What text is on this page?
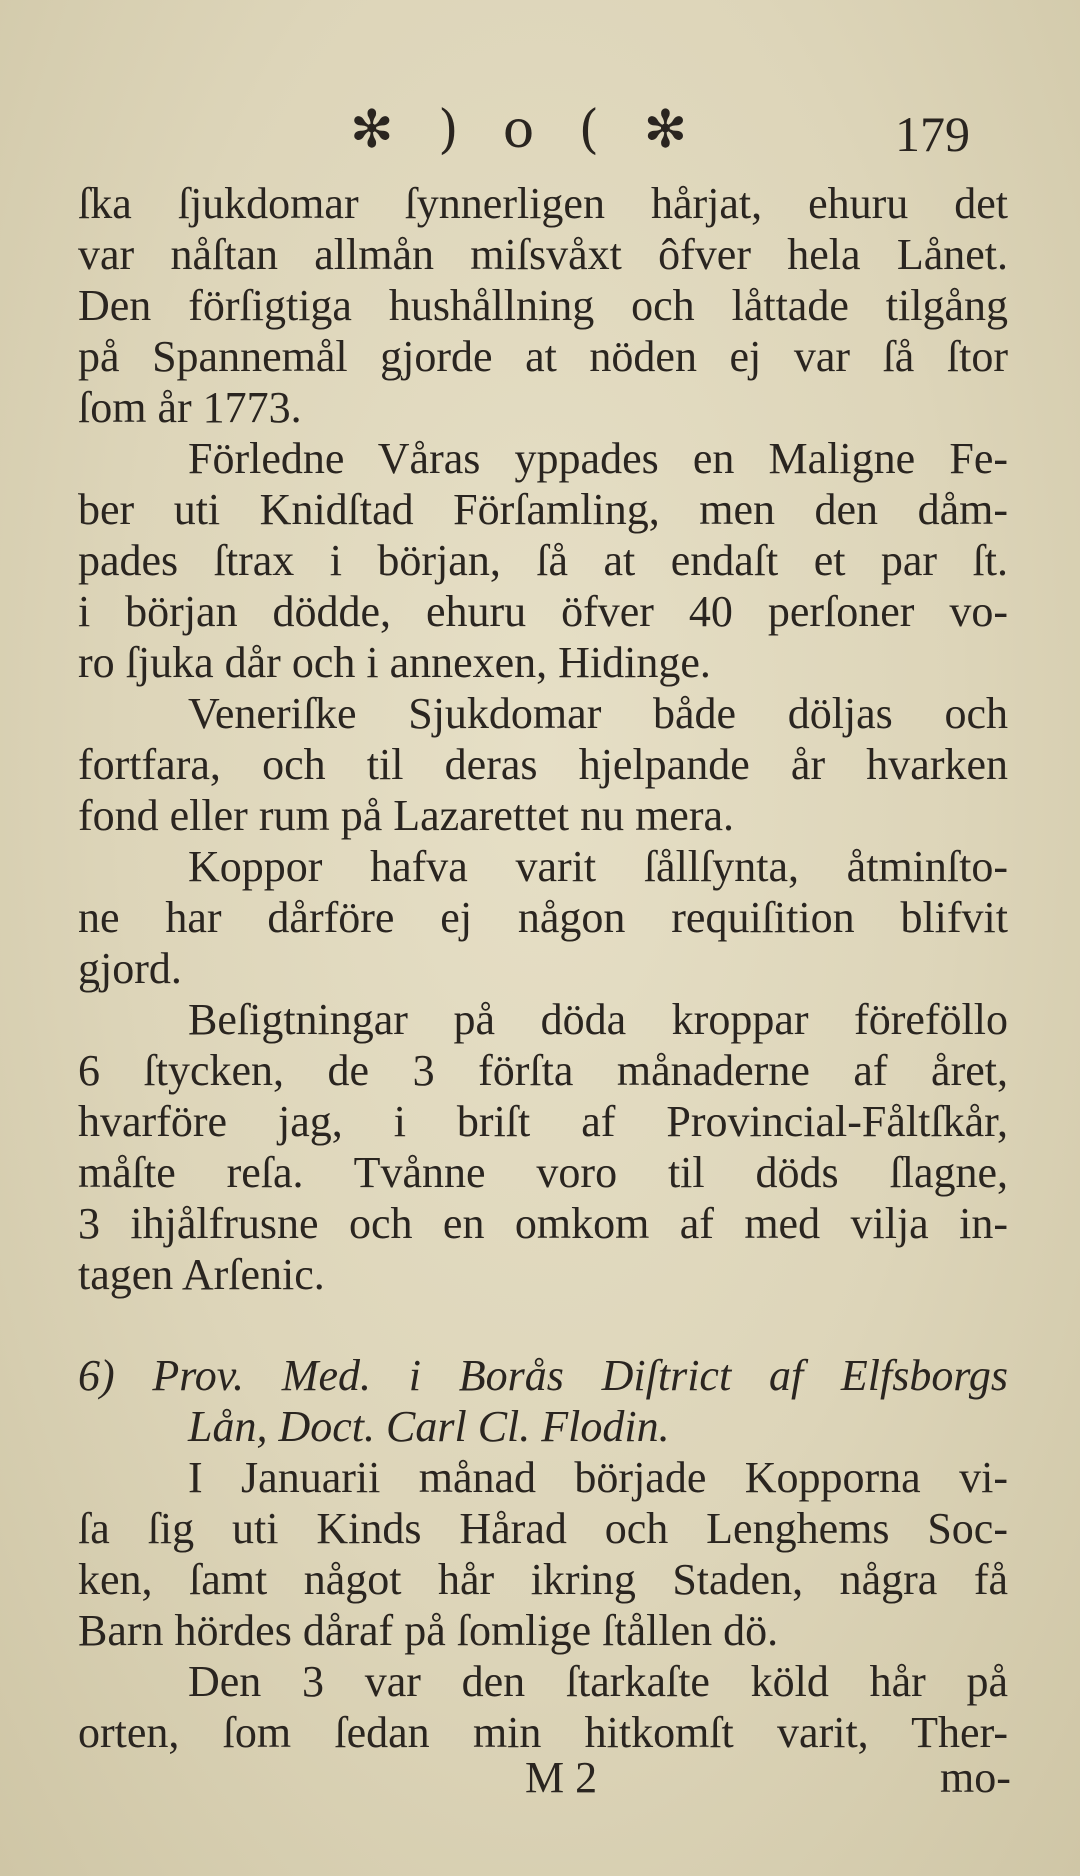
✻ ) o ( ✻	179
ſka ſjukdomar ſynnerligen hårjat, ehuru det
var nåſtan allmån miſsvåxt ôfver hela Lånet.
Den förſigtiga hushållning och låttade tilgång
på Spannemål gjorde at nöden ej var ſå ſtor
ſom år 1773.
Förledne Våras yppades en Maligne Fe-
ber uti Knidſtad Förſamling, men den dåm-
pades ſtrax i början, ſå at endaſt et par ſt.
i början dödde, ehuru öfver 40 perſoner vo-
ro ſjuka dår och i annexen, Hidinge.
Veneriſke Sjukdomar både döljas och
fortfara, och til deras hjelpande år hvarken
fond eller rum på Lazarettet nu mera.
Koppor hafva varit ſållſynta, åtminſto-
ne har dårföre ej någon requiſition blifvit
gjord.
Beſigtningar på döda kroppar föreföllo
6 ſtycken, de 3 förſta månaderne af året,
hvarföre jag, i briſt af Provincial-Fåltſkår,
måſte reſa. Tvånne voro til döds ſlagne,
3 ihjålfrusne och en omkom af med vilja in-
tagen Arſenic.
6) Prov. Med. i Borås Diſtrict af Elfsborgs
Lån, Doct. Carl Cl. Flodin.
I Januarii månad började Kopporna vi-
ſa ſig uti Kinds Hårad och Lenghems Soc-
ken, ſamt något hår ikring Staden, några få
Barn hördes dåraf på ſomlige ſtållen dö.
Den 3 var den ſtarkaſte köld hår på
orten, ſom ſedan min hitkomſt varit, Ther-
M 2	mo-
